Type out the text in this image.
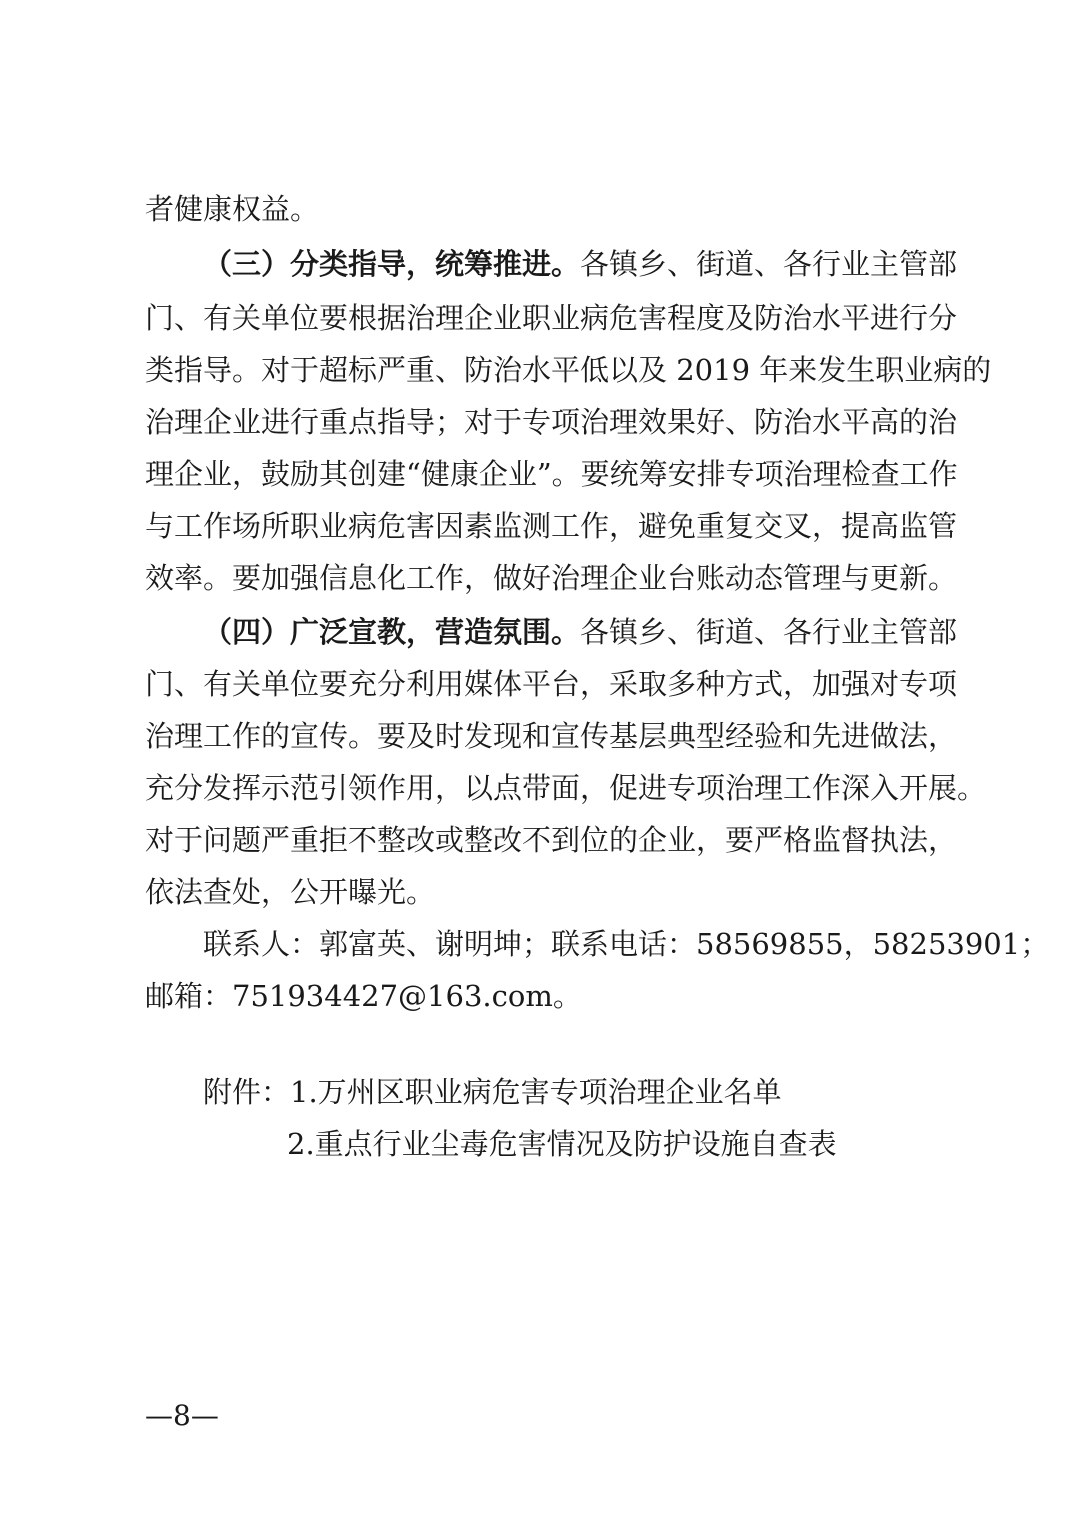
者健康权益。
（三）分类指导，统筹推进。各镇乡、街道、各行业主管部
门、有关单位要根据治理企业职业病危害程度及防治水平进行分
类指导。对于超标严重、防治水平低以及 2019 年来发生职业病的
治理企业进行重点指导；对于专项治理效果好、防治水平高的治
理企业，鼓励其创建“健康企业”。要统筹安排专项治理检查工作
与工作场所职业病危害因素监测工作，避免重复交叉，提高监管
效率。要加强信息化工作，做好治理企业台账动态管理与更新。
（四）广泛宣教，营造氛围。各镇乡、街道、各行业主管部
门、有关单位要充分利用媒体平台，采取多种方式，加强对专项
治理工作的宣传。要及时发现和宣传基层典型经验和先进做法，
充分发挥示范引领作用，以点带面，促进专项治理工作深入开展。
对于问题严重拒不整改或整改不到位的企业，要严格监督执法，
依法查处，公开曝光。
联系人：郭富英、谢明坤；联系电话：58569855，58253901；
邮箱：751934427@163.com。
附件：1.万州区职业病危害专项治理企业名单
2.重点行业尘毒危害情况及防护设施自查表
—8—
